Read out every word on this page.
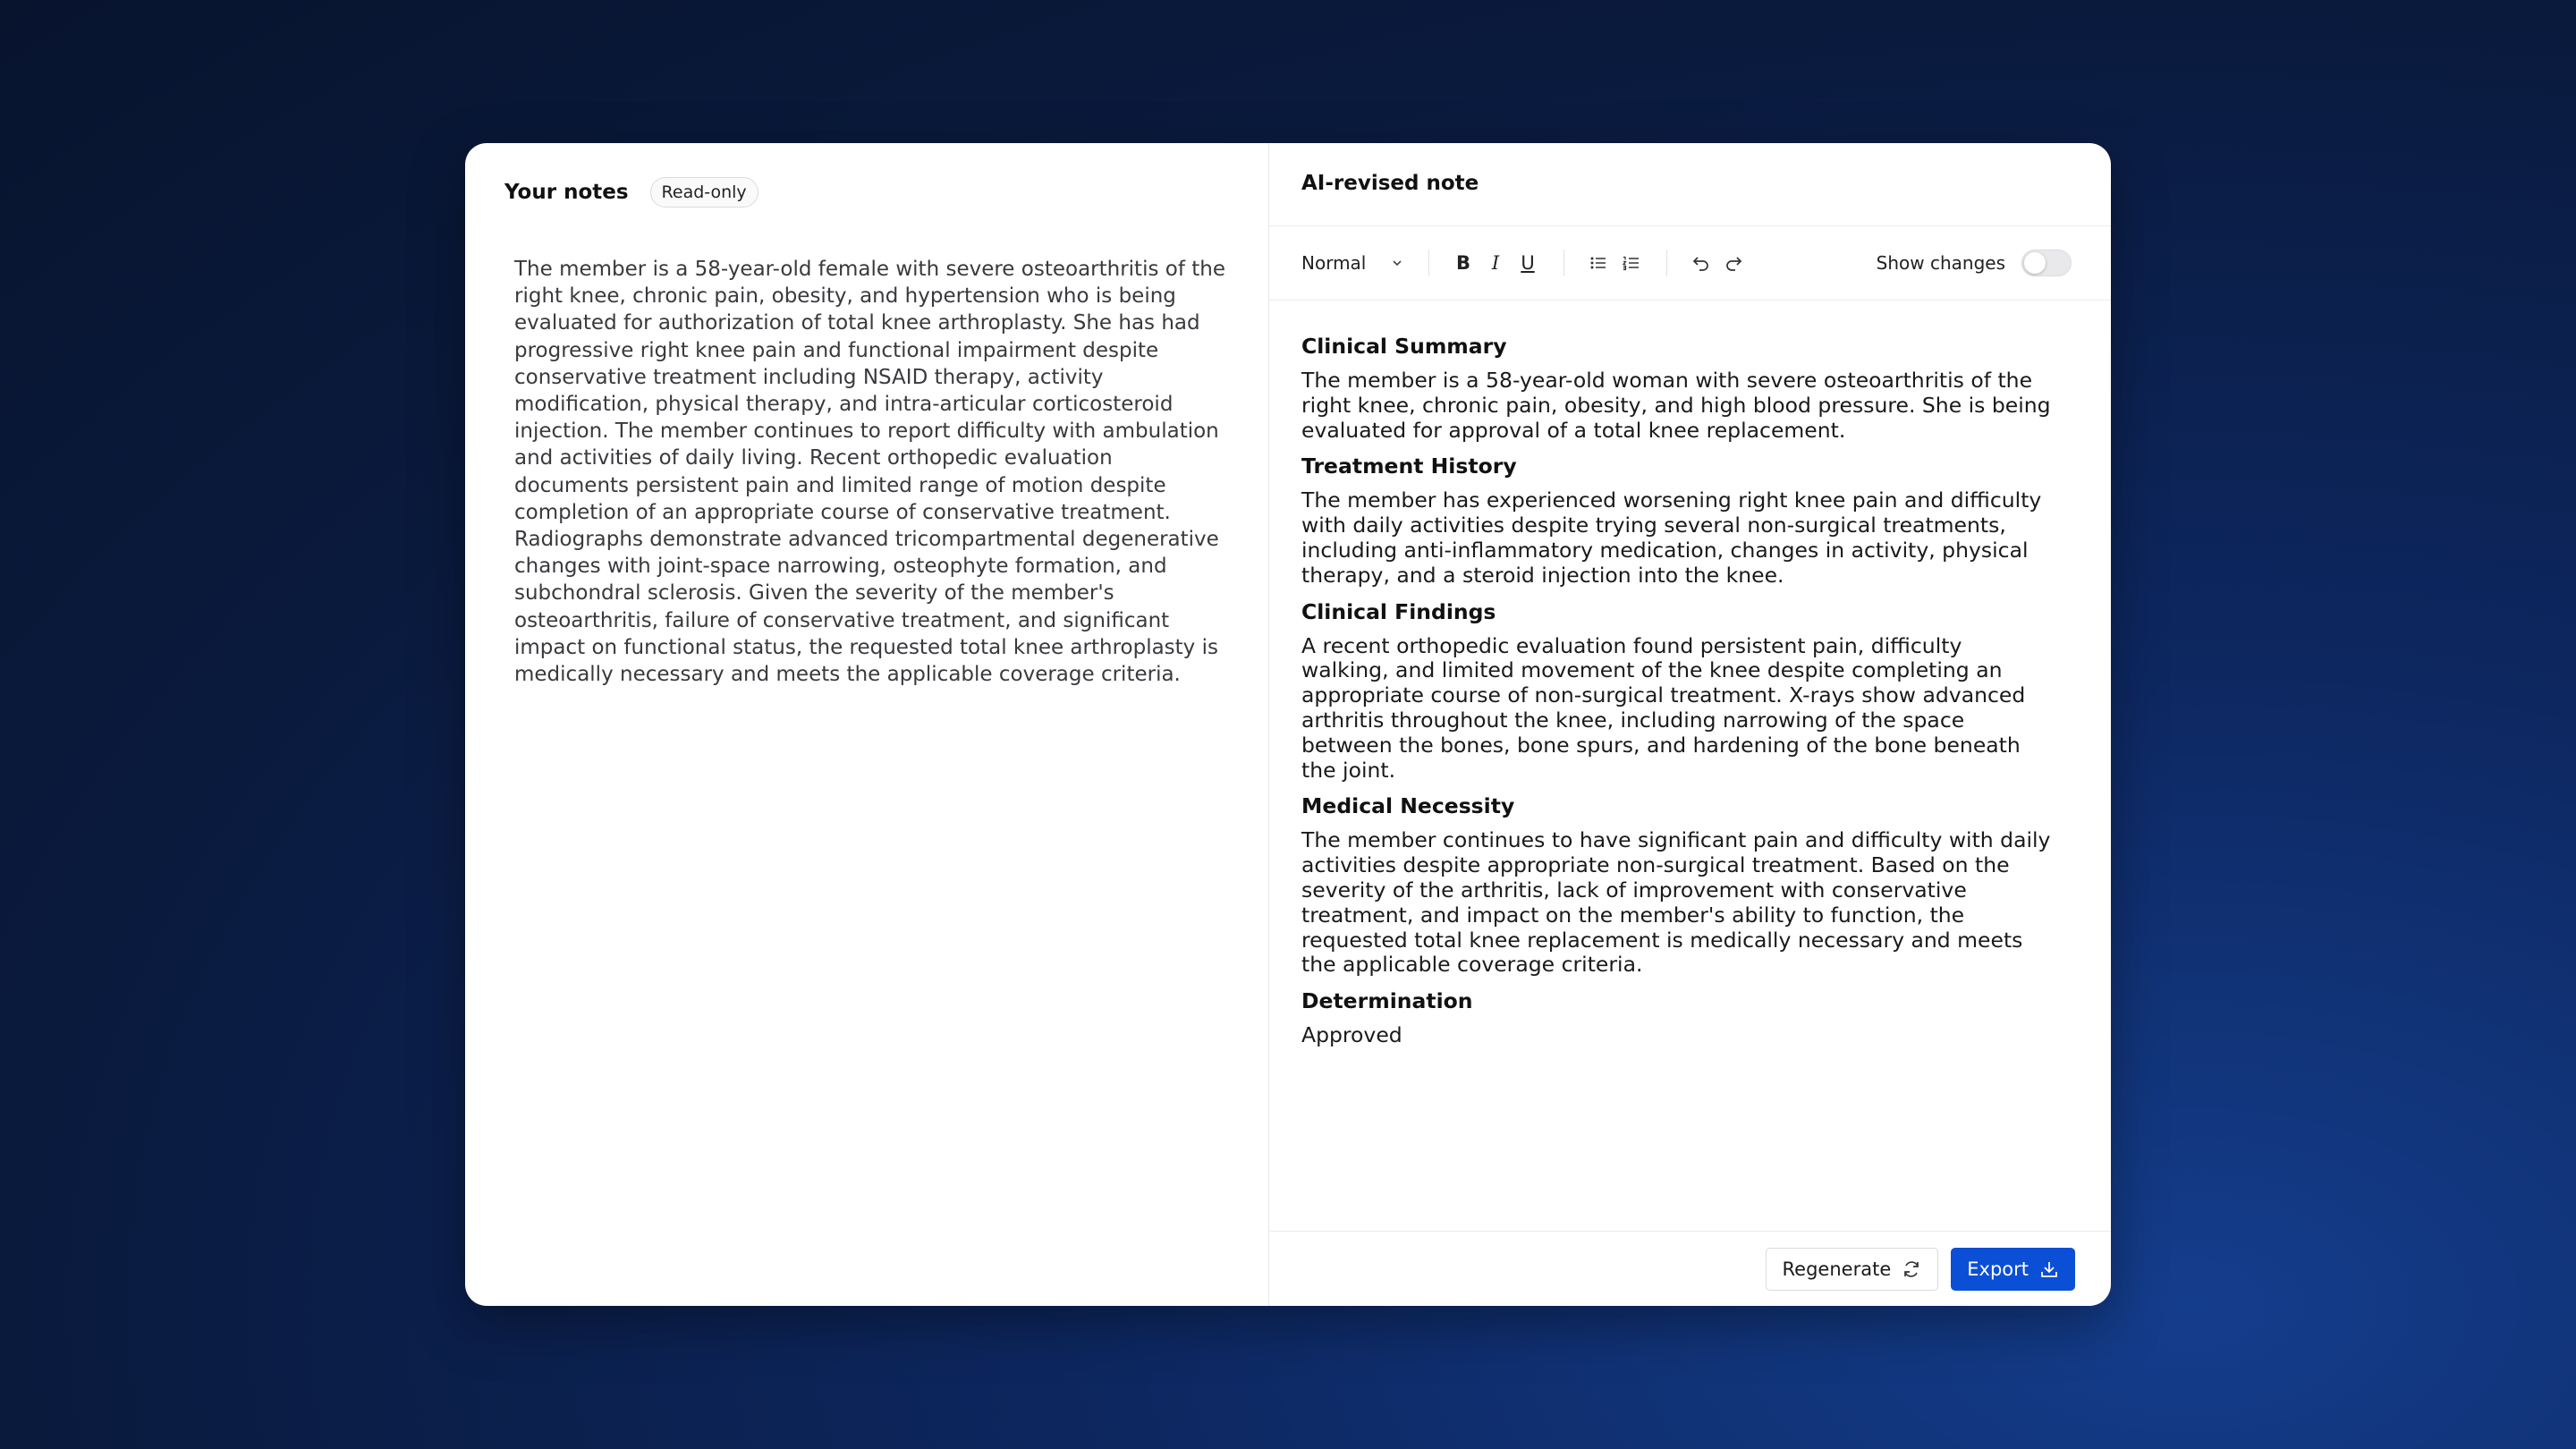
Your notes	Read-only
The member is a 58-year-old female with severe osteoarthritis of the right knee, chronic pain, obesity, and hypertension who is being evaluated for authorization of total knee arthroplasty. She has had progressive right knee pain and functional impairment despite conservative treatment including NSAID therapy, activity modification, physical therapy, and intra-articular corticosteroid injection. The member continues to report difficulty with ambulation and activities of daily living. Recent orthopedic evaluation documents persistent pain and limited range of motion despite completion of an appropriate course of conservative treatment. Radiographs demonstrate advanced tricompartmental degenerative changes with joint-space narrowing, osteophyte formation, and subchondral sclerosis. Given the severity of the member's osteoarthritis, failure of conservative treatment, and significant impact on functional status, the requested total knee arthroplasty is medically necessary and meets the applicable coverage criteria.
AI-revised note
Normal	B I U	Show changes
Clinical Summary

The member is a 58-year-old woman with severe osteoarthritis of the right knee, chronic pain, obesity, and high blood pressure. She is being evaluated for approval of a total knee replacement.

Treatment History

The member has experienced worsening right knee pain and difficulty with daily activities despite trying several non-surgical treatments, including anti-inflammatory medication, changes in activity, physical therapy, and a steroid injection into the knee.

Clinical Findings

A recent orthopedic evaluation found persistent pain, difficulty walking, and limited movement of the knee despite completing an appropriate course of non-surgical treatment. X-rays show advanced arthritis throughout the knee, including narrowing of the space between the bones, bone spurs, and hardening of the bone beneath the joint.

Medical Necessity

The member continues to have significant pain and difficulty with daily activities despite appropriate non-surgical treatment. Based on the severity of the arthritis, lack of improvement with conservative treatment, and impact on the member's ability to function, the requested total knee replacement is medically necessary and meets the applicable coverage criteria.

Determination

Approved

Regenerate	Export
